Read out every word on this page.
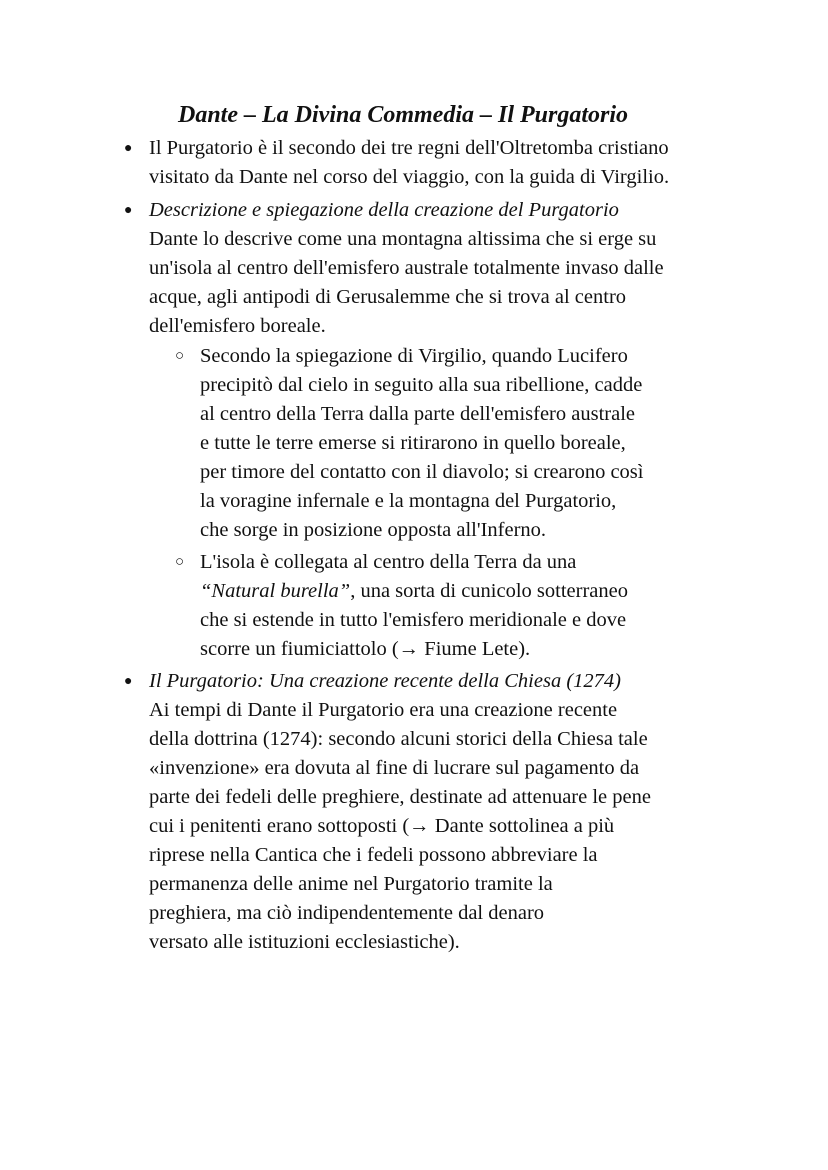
Dante – La Divina Commedia – Il Purgatorio
● Il Purgatorio è il secondo dei tre regni dell'Oltretomba cristiano
visitato da Dante nel corso del viaggio, con la guida di Virgilio.
● Descrizione e spiegazione della creazione del Purgatorio
Dante lo descrive come una montagna altissima che si erge su
un'isola al centro dell'emisfero australe totalmente invaso dalle
acque, agli antipodi di Gerusalemme che si trova al centro
dell'emisfero boreale.
○ Secondo la spiegazione di Virgilio, quando Lucifero
precipitò dal cielo in seguito alla sua ribellione, cadde
al centro della Terra dalla parte dell'emisfero australe
e tutte le terre emerse si ritirarono in quello boreale,
per timore del contatto con il diavolo; si crearono così
la voragine infernale e la montagna del Purgatorio,
che sorge in posizione opposta all'Inferno.
○ L'isola è collegata al centro della Terra da una
“Natural burella”, una sorta di cunicolo sotterraneo
che si estende in tutto l'emisfero meridionale e dove
scorre un fiumiciattolo (→ Fiume Lete).
● Il Purgatorio: Una creazione recente della Chiesa (1274)
Ai tempi di Dante il Purgatorio era una creazione recente
della dottrina (1274): secondo alcuni storici della Chiesa tale
«invenzione» era dovuta al fine di lucrare sul pagamento da
parte dei fedeli delle preghiere, destinate ad attenuare le pene
cui i penitenti erano sottoposti (→ Dante sottolinea a più
riprese nella Cantica che i fedeli possono abbreviare la
permanenza delle anime nel Purgatorio tramite la
preghiera, ma ciò indipendentemente dal denaro
versato alle istituzioni ecclesiastiche).
